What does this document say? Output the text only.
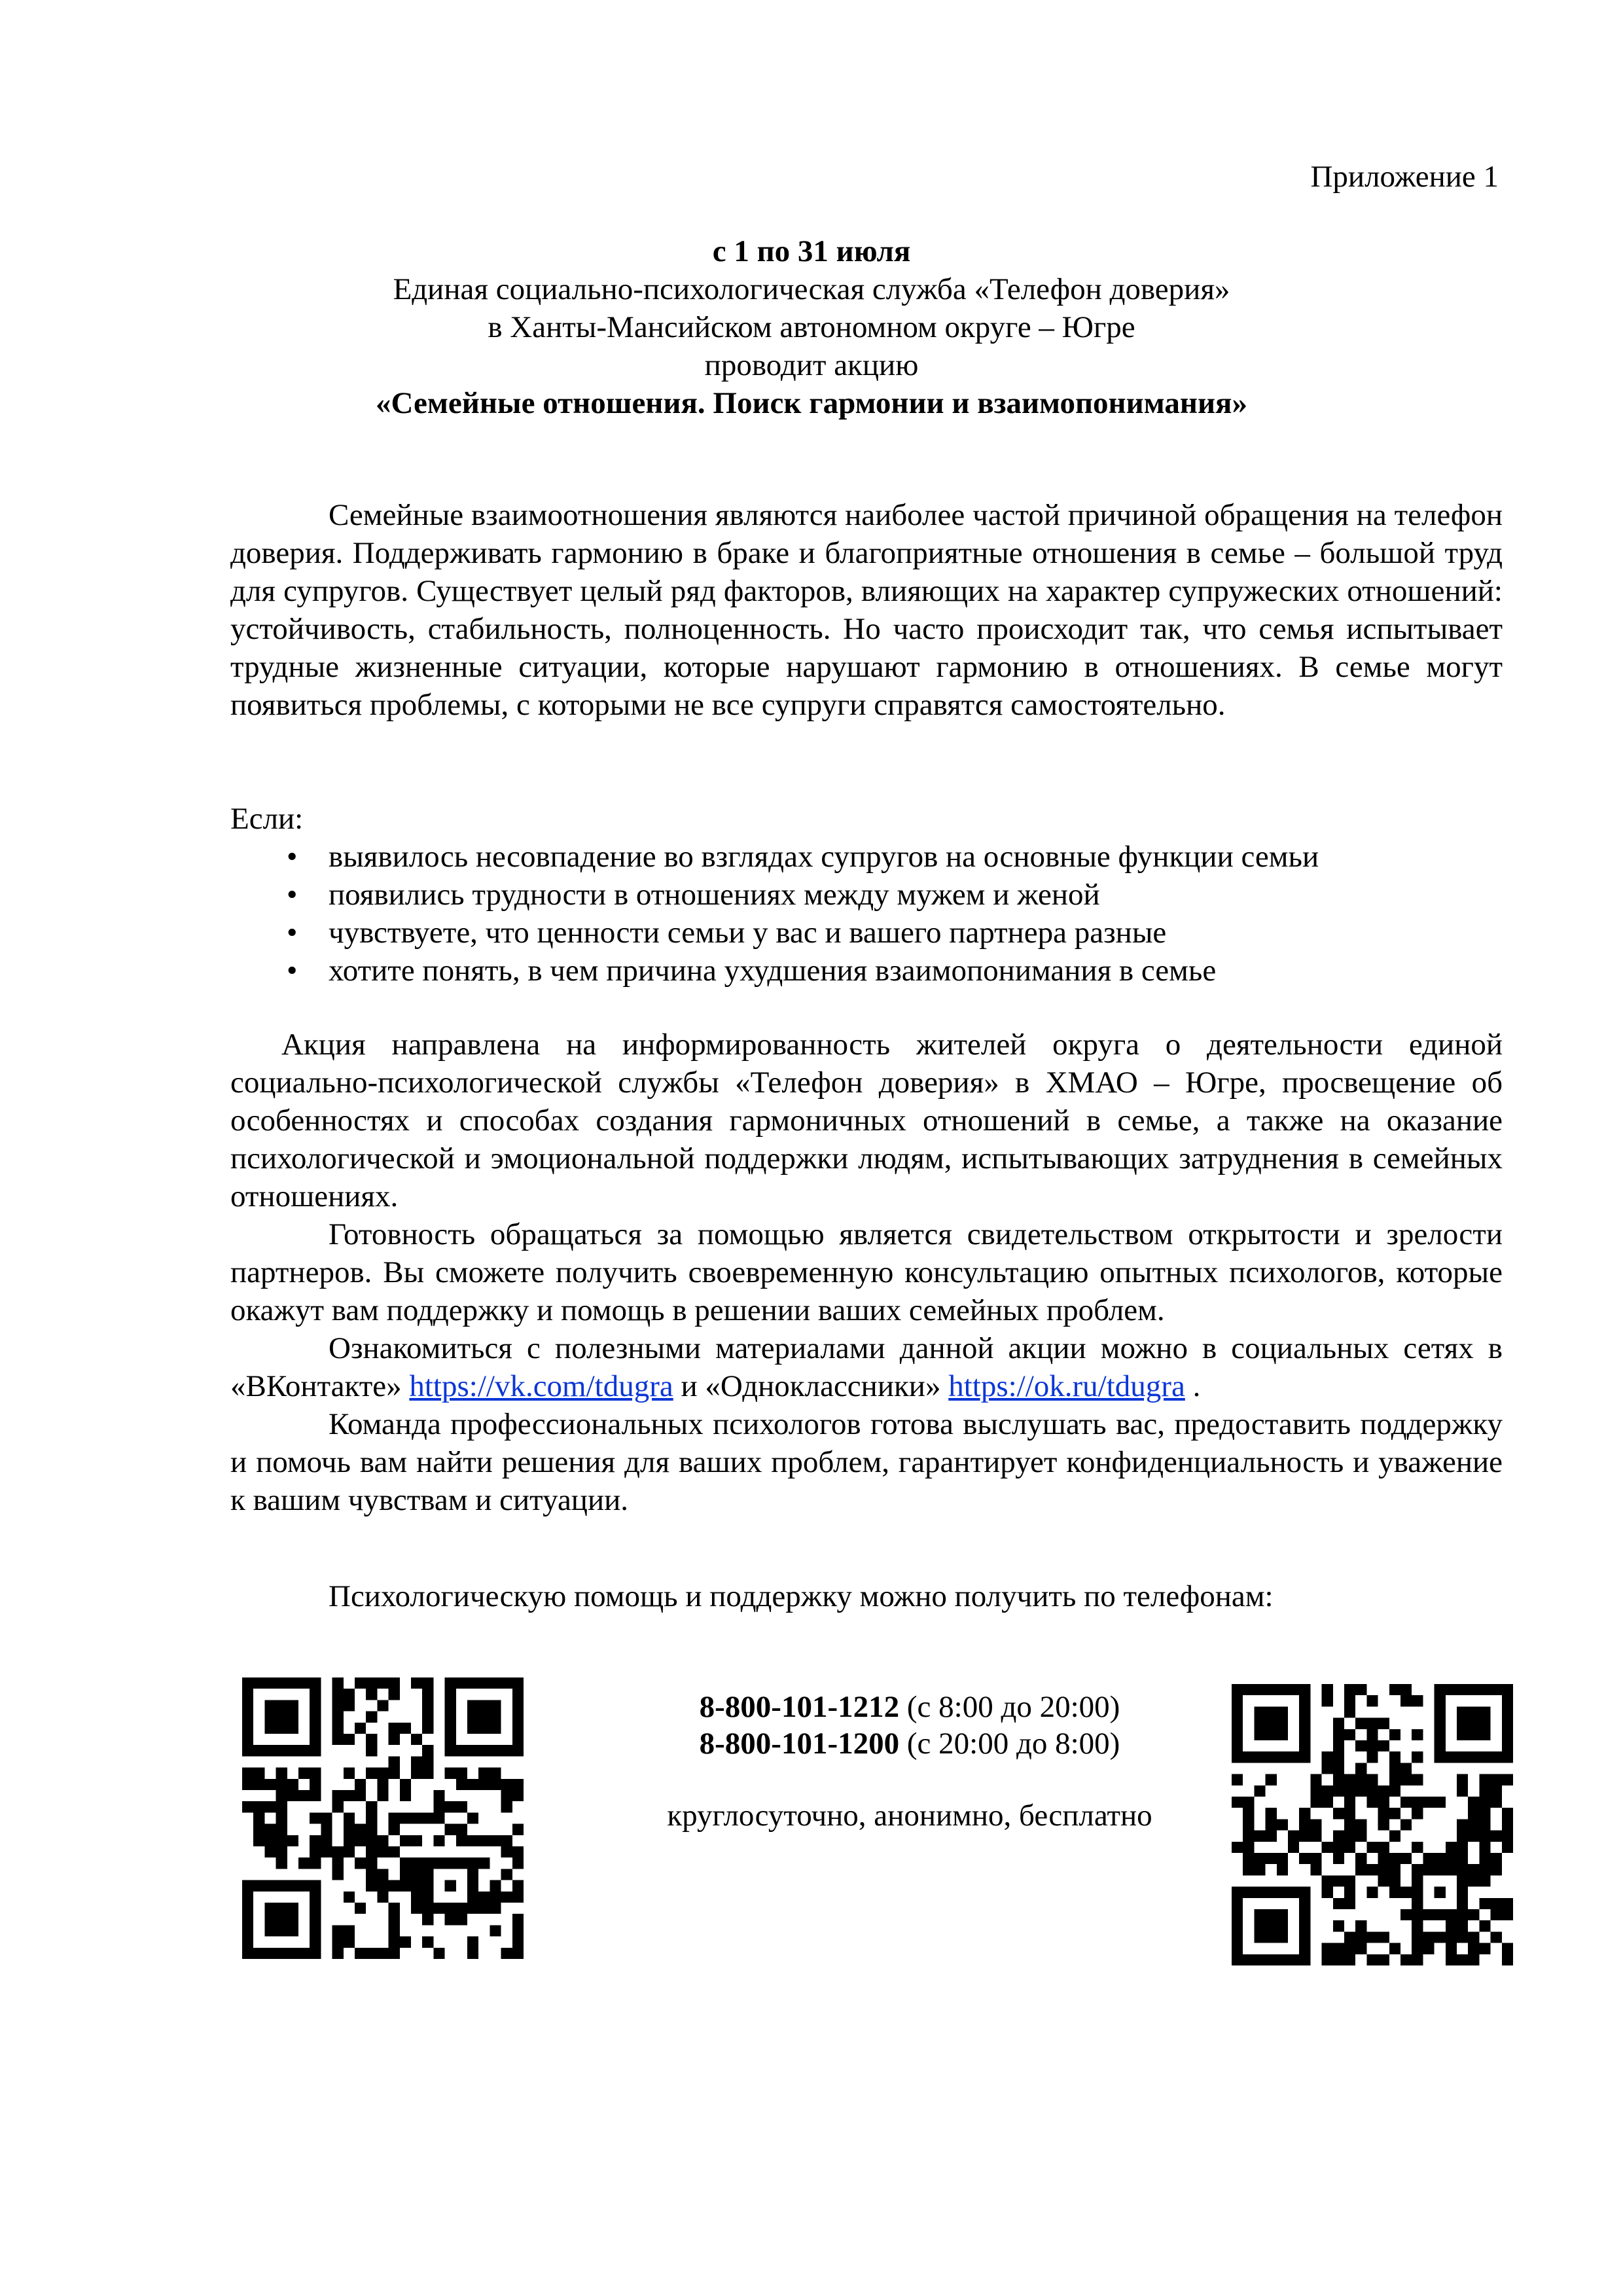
Приложение 1
с 1 по 31 июля
Единая социально-психологическая служба «Телефон доверия»
в Ханты-Мансийском автономном округе – Югре
проводит акцию
«Семейные отношения. Поиск гармонии и взаимопонимания»

Семейные взаимоотношения являются наиболее частой причиной обращения на телефон доверия. Поддерживать гармонию в браке и благоприятные отношения в семье – большой труд для супругов. Существует целый ряд факторов, влияющих на характер супружеских отношений: устойчивость, стабильность, полноценность. Но часто происходит так, что семья испытывает трудные жизненные ситуации, которые нарушают гармонию в отношениях. В семье могут появиться проблемы, с которыми не все супруги справятся самостоятельно.

Если:

• выявилось несовпадение во взглядах супругов на основные функции семьи
• появились трудности в отношениях между мужем и женой
• чувствуете, что ценности семьи у вас и вашего партнера разные
• хотите понять, в чем причина ухудшения взаимопонимания в семье

Акция направлена на информированность жителей округа о деятельности единой социально-психологической службы «Телефон доверия» в ХМАО – Югре, просвещение об особенностях и способах создания гармоничных отношений в семье, а также на оказание психологической и эмоциональной поддержки людям, испытывающих затруднения в семейных отношениях.

Готовность обращаться за помощью является свидетельством открытости и зрелости партнеров. Вы сможете получить своевременную консультацию опытных психологов, которые окажут вам поддержку и помощь в решении ваших семейных проблем.

Ознакомиться с полезными материалами данной акции можно в социальных сетях в «ВКонтакте» https://vk.com/tdugra и «Одноклассники» https://ok.ru/tdugra .

Команда профессиональных психологов готова выслушать вас, предоставить поддержку и помочь вам найти решения для ваших проблем, гарантирует конфиденциальность и уважение к вашим чувствам и ситуации.

Психологическую помощь и поддержку можно получить по телефонам:

8-800-101-1212 (с 8:00 до 20:00)
8-800-101-1200 (с 20:00 до 8:00)
круглосуточно, анонимно, бесплатно
